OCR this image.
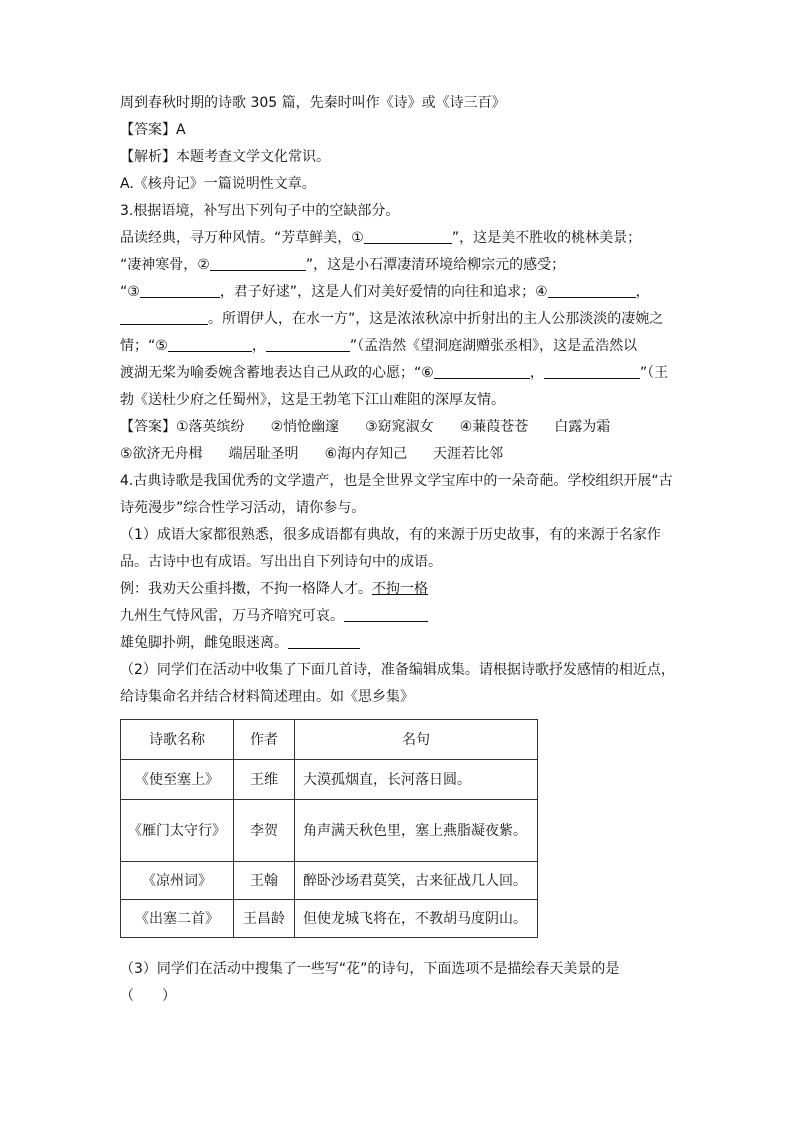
周到春秋时期的诗歌 305 篇，先秦时叫作《诗》或《诗三百》
【答案】A
【解析】本题考查文学文化常识。
A.《核舟记》一篇说明性文章。
3.根据语境，补写出下列句子中的空缺部分。
品读经典，寻万种风情。“芳草鲜美，①	”，这是美不胜收的桃林美景；
“凄神寒骨，②	”，这是小石潭凄清环境给柳宗元的感受；
“③	，君子好逑”，这是人们对美好爱情的向往和追求；④	，
。所谓伊人，在水一方”，这是浓浓秋凉中折射出的主人公那淡淡的凄婉之
情；“⑤	，	”（孟浩然《望洞庭湖赠张丞相》，这是孟浩然以
渡湖无桨为喻委婉含蓄地表达自己从政的心愿；“⑥	，	”（王
勃《送杜少府之任蜀州》，这是王勃笔下江山难阻的深厚友情。
【答案】①落英缤纷 ②悄怆幽邃 ③窈窕淑女 ④蒹葭苍苍 白露为霜
⑤欲济无舟楫 端居耻圣明 ⑥海内存知己 天涯若比邻
4.古典诗歌是我国优秀的文学遗产，也是全世界文学宝库中的一朵奇葩。学校组织开展“古
诗苑漫步”综合性学习活动，请你参与。
（1）成语大家都很熟悉，很多成语都有典故，有的来源于历史故事，有的来源于名家作
品。古诗中也有成语。写出出自下列诗句中的成语。
例：我劝天公重抖擞，不拘一格降人才。不拘一格
九州生气恃风雷，万马齐喑究可哀。
雄兔脚扑朔，雌兔眼迷离。
（2）同学们在活动中收集了下面几首诗，准备编辑成集。请根据诗歌抒发感情的相近点，
给诗集命名并结合材料简述理由。如《思乡集》
诗歌名称	作者	名句
《使至塞上》	王维	大漠孤烟直，长河落日圆。
《雁门太守行》	李贺	角声满天秋色里，塞上燕脂凝夜紫。
《凉州词》	王翰	醉卧沙场君莫笑，古来征战几人回。
《出塞二首》	王昌龄	但使龙城飞将在，不教胡马度阴山。
（3）同学们在活动中搜集了一些写“花”的诗句，下面选项不是描绘春天美景的是
（　　）
